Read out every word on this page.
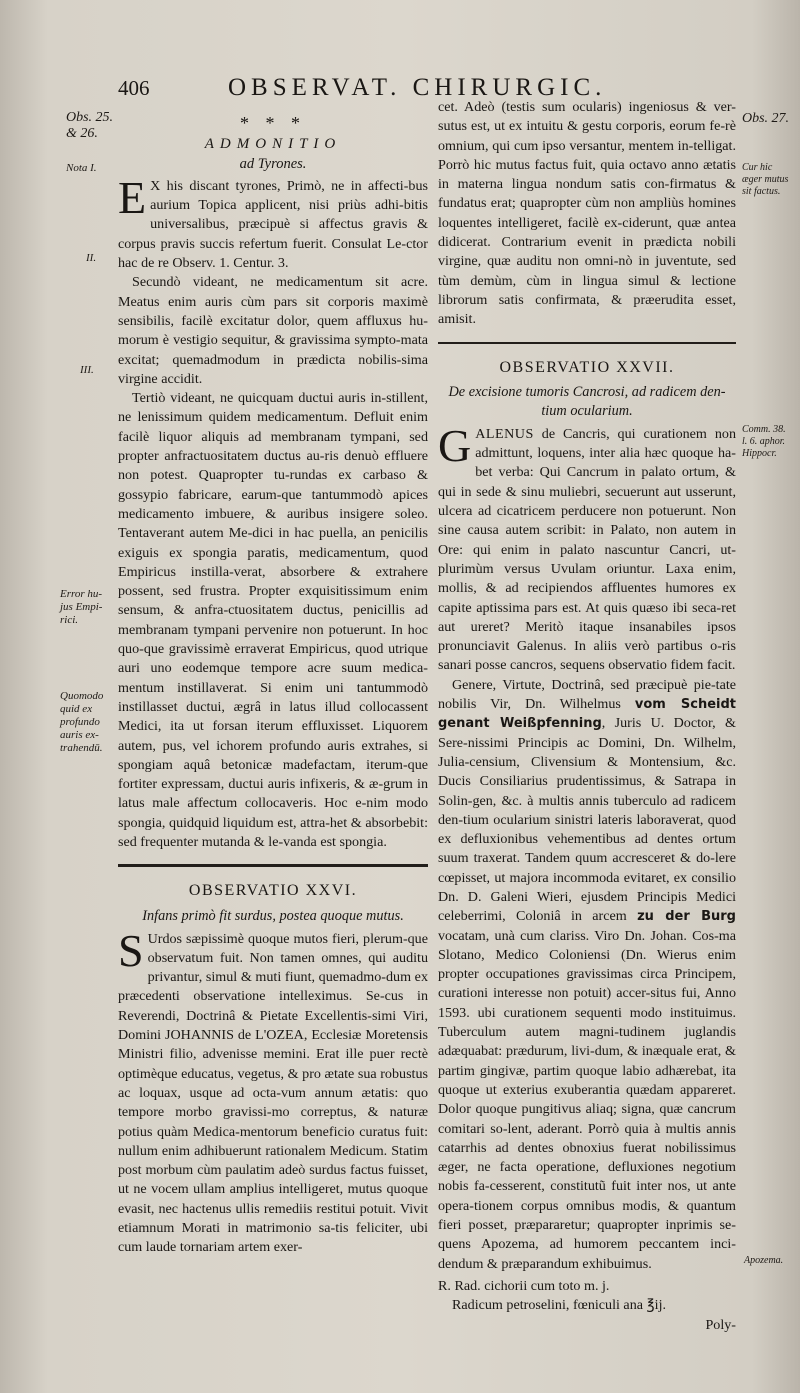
406	OBSERVAT. CHIRURGIC.
Obs. 25.
& 26.
Nota I.
II.
III.
Error hu-
jus Empi-
rici.
Quomodo
quid ex
profundo
auris ex-
trahendū.
Obs. 27.
Cur hic
æger mutus
sit factus.
Comm. 38.
l. 6. aphor.
Hippocr.
Apozema.
* * *
ADMONITIO
ad Tyrones.

E X his discant tyrones, Primò, ne in affecti-bus aurium Topica applicent, nisi priùs adhi-bitis universalibus, præcipuè si affectus gravis & corpus pravis succis refertum fuerit. Consulat Le-ctor hac de re Observ. 1. Centur. 3.

Secundò videant, ne medicamentum sit acre. Meatus enim auris cùm pars sit corporis maximè sensibilis, facilè excitatur dolor, quem affluxus hu-morum è vestigio sequitur, & gravissima sympto-mata excitat; quemadmodum in prædicta nobilis-sima virgine accidit.

Tertiò videant, ne quicquam ductui auris in-stillent, ne lenissimum quidem medicamentum. Defluit enim facilè liquor aliquis ad membranam tympani, sed propter anfractuositatem ductus au-ris denuò effluere non potest. Quapropter tu-rundas ex carbaso & gossypio fabricare, earum-que tantummodò apices medicamento imbuere, & auribus insigere soleo. Tentaverant autem Me-dici in hac puella, an penicilis exiguis ex spongia paratis, medicamentum, quod Empiricus instilla-verat, absorbere & extrahere possent, sed frustra. Propter exquisitissimum enim sensum, & anfra-ctuositatem ductus, penicillis ad membranam tympani pervenire non potuerunt. In hoc quo-que gravissimè erraverat Empiricus, quod utrique auri uno eodemque tempore acre suum medica-mentum instillaverat. Si enim uni tantummodò instillasset ductui, ægrâ in latus illud collocassent Medici, ita ut forsan iterum effluxisset. Liquorem autem, pus, vel ichorem profundo auris extrahes, si spongiam aquâ betonicæ madefactam, iterum-que fortiter expressam, ductui auris infixeris, & æ-grum in latus male affectum collocaveris. Hoc e-nim modo spongia, quidquid liquidum est, attra-het & absorbebit: sed frequenter mutanda & le-vanda est spongia.

OBSERVATIO XXVI.
Infans primò fit surdus, postea quoque mutus.

S Urdos sæpissimè quoque mutos fieri, plerum-que observatum fuit. Non tamen omnes, qui auditu privantur, simul & muti fiunt, quemadmo-dum ex præcedenti observatione intelleximus. Se-cus in Reverendi, Doctrinâ & Pietate Excellentis-simi Viri, Domini JOHANNIS de L'OZEA, Ecclesiæ Moretensis Ministri filio, advenisse memini. Erat ille puer rectè optimèque educatus, vegetus, & pro ætate sua robustus ac loquax, usque ad octa-vum annum ætatis: quo tempore morbo gravissi-mo correptus, & naturæ potius quàm Medica-mentorum beneficio curatus fuit: nullum enim adhibuerunt rationalem Medicum. Statim post morbum cùm paulatim adeò surdus factus fuisset, ut ne vocem ullam amplius intelligeret, mutus quoque evasit, nec hactenus ullis remediis restitui potuit. Vivit etiamnum Morati in matrimonio sa-tis feliciter, ubi cum laude tornariam artem exer-

cet. Adeò (testis sum ocularis) ingeniosus & ver-sutus est, ut ex intuitu & gestu corporis, eorum fe-rè omnium, qui cum ipso versantur, mentem in-telligat. Porrò hic mutus factus fuit, quia octavo anno ætatis in materna lingua nondum satis con-firmatus & fundatus erat; quapropter cùm non ampliùs homines loquentes intelligeret, facilè ex-ciderunt, quæ antea didicerat. Contrarium evenit in prædicta nobili virgine, quæ auditu non omni-nò in juventute, sed tùm demùm, cùm in lingua simul & lectione librorum satis confirmata, & præerudita esset, amisit.

OBSERVATIO XXVII.
De excisione tumoris Cancrosi, ad radicem den-tium ocularium.

GALENUS de Cancris, qui curationem non admittunt, loquens, inter alia hæc quoque ha-bet verba: Qui Cancrum in palato ortum, & qui in sede & sinu muliebri, secuerunt aut usserunt, ulcera ad cicatricem perducere non potuerunt. Non sine causa autem scribit: in Palato, non autem in Ore: qui enim in palato nascuntur Cancri, ut-plurimùm versus Uvulam oriuntur. Laxa enim, mollis, & ad recipiendos affluentes humores ex capite aptissima pars est. At quis quæso ibi seca-ret aut ureret? Meritò itaque insanabiles ipsos pronunciavit Galenus. In aliis verò partibus o-ris sanari posse cancros, sequens observatio fidem facit.

Genere, Virtute, Doctrinâ, sed præcipuè pie-tate nobilis Vir, Dn. Wilhelmus vom Scheidt genant Weißpfenning, Juris U. Doctor, & Sere-nissimi Principis ac Domini, Dn. Wilhelm, Julia-censium, Clivensium & Montensium, &c. Ducis Consiliarius prudentissimus, & Satrapa in Solin-gen, &c. à multis annis tuberculo ad radicem den-tium ocularium sinistri lateris laboraverat, quod ex defluxionibus vehementibus ad dentes ortum suum traxerat. Tandem quum accresceret & do-lere cœpisset, ut majora incommoda evitaret, ex consilio Dn. D. Galeni Wieri, ejusdem Principis Medici celeberrimi, Coloniâ in arcem zu der Burg vocatam, unà cum clariss. Viro Dn. Johan. Cos-ma Slotano, Medico Coloniensi (Dn. Wierus enim propter occupationes gravissimas circa Principem, curationi interesse non potuit) accer-situs fui, Anno 1593. ubi curationem sequenti modo instituimus. Tuberculum autem magni-tudinem juglandis adæquabat: prædurum, livi-dum, & inæquale erat, & partim gingivæ, partim quoque labio adhærebat, ita quoque ut exterius exuberantia quædam appareret. Dolor quoque pungitivus aliaq; signa, quæ cancrum comitari so-lent, aderant. Porrò quia à multis annis catarrhis ad dentes obnoxius fuerat nobilissimus æger, ne facta operatione, defluxiones negotium nobis fa-cesserent, constitutũ fuit inter nos, ut ante opera-tionem corpus omnibus modis, & quantum fieri posset, præpararetur; quapropter inprimis se-quens Apozema, ad humorem peccantem inci-dendum & præparandum exhibuimus.

R. Rad. cichorii cum toto m. j.

Radicum petroselini, fœniculi ana ℥ij.

Poly-
